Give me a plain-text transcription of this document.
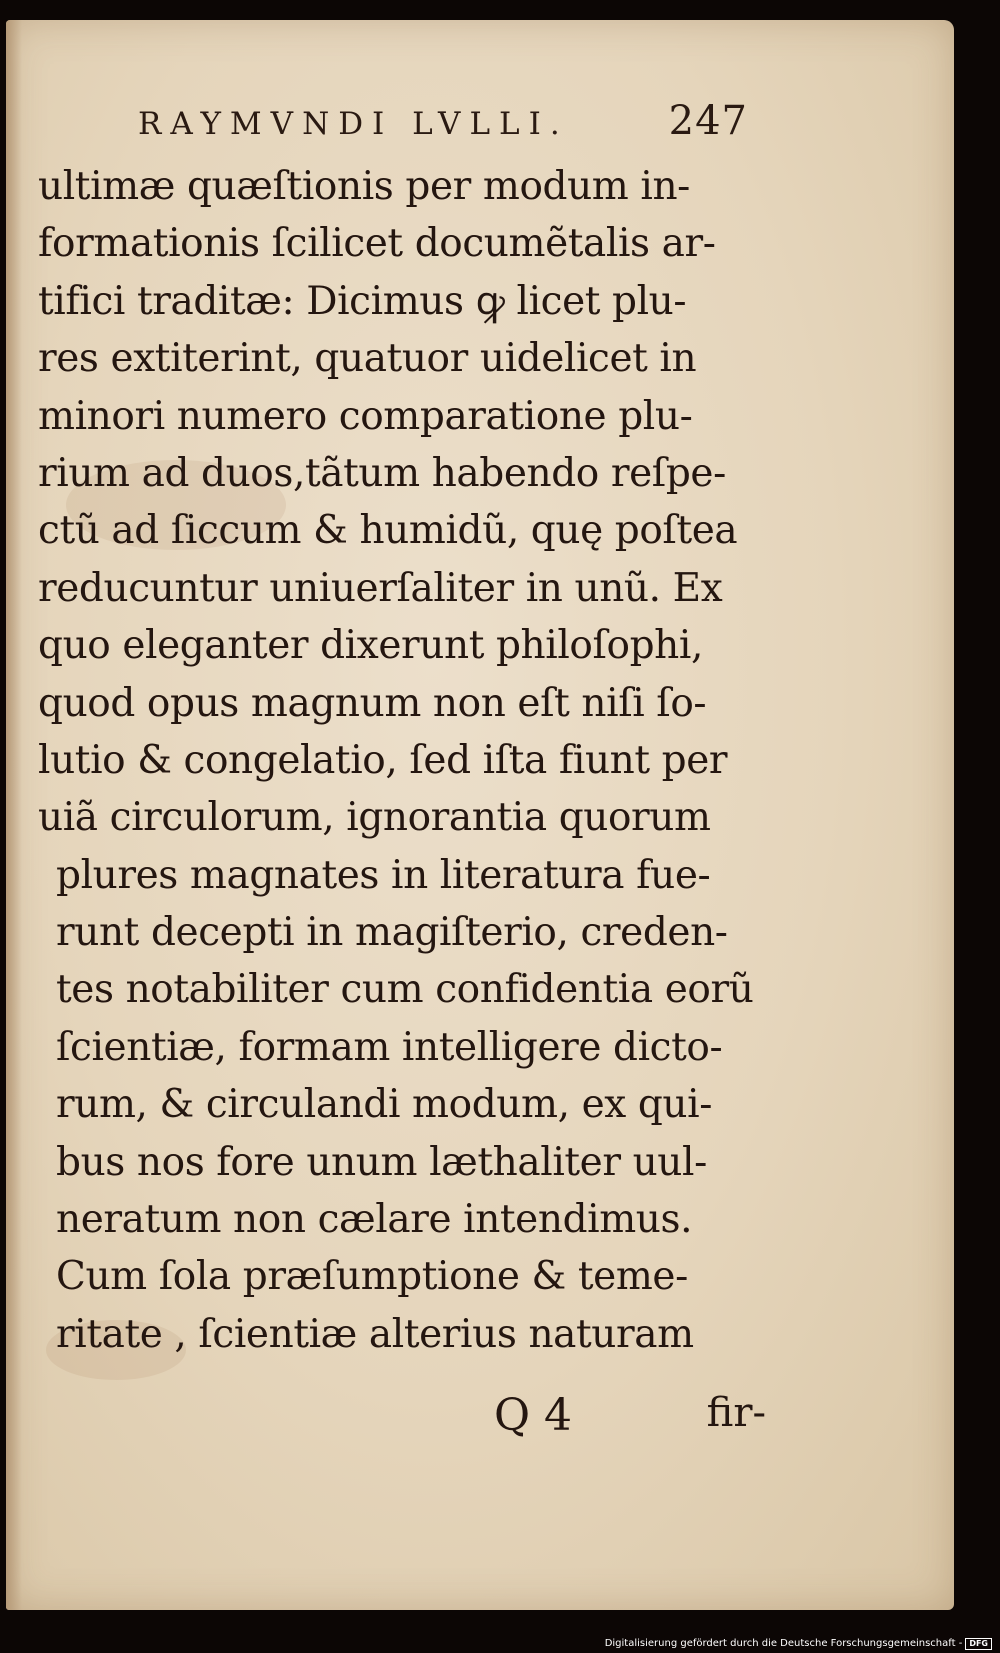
RAYMVNDI LVLLI. 247
ultimæ quæſtionis per modum in-
formationis ſcilicet documẽtalis ar-
tifici traditæ: Dicimus ꝙ licet plu-
res extiterint, quatuor uidelicet in
minori numero comparatione plu-
rium ad duos,tãtum habendo reſpe-
ctũ ad ſiccum & humidũ, quę poſtea
reducuntur uniuerſaliter in unũ. Ex
quo eleganter dixerunt philoſophi,
quod opus magnum non eſt niſi ſo-
lutio & congelatio, ſed iſta fiunt per
uiã circulorum, ignorantia quorum
plures magnates in literatura fue-
runt decepti in magiſterio, creden-
tes notabiliter cum confidentia eorũ
ſcientiæ, formam intelligere dicto-
rum, & circulandi modum, ex qui-
bus nos fore unum læthaliter uul-
neratum non cælare intendimus.
Cum ſola præſumptione & teme-
ritate , ſcientiæ alterius naturam
Q 4	fir-
Digitalisierung gefördert durch die Deutsche Forschungsgemeinschaft - DFG
